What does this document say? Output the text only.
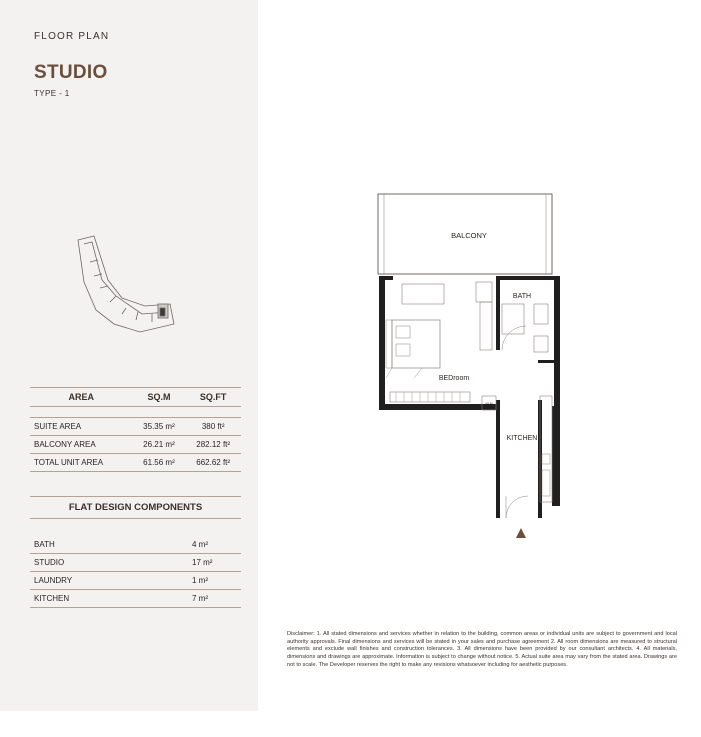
FLOOR PLAN
STUDIO
TYPE - 1
AREA	SQ.M	SQ.FT

SUITE AREA	35.35 m²	380 ft²
BALCONY AREA	26.21 m²	282.12 ft²
TOTAL UNIT AREA	61.56 m²	662.62 ft²
FLAT DESIGN COMPONENTS
BATH	4 m²
STUDIO	17 m²
LAUNDRY	1 m²
KITCHEN	7 m²
BALCONY
BATH
BEDroom
W.M
KITCHEN
Disclaimer: 1. All stated dimensions and services whether in relation to the building, common areas or individual units are subject to government and local authority approvals. Final dimensions and services will be stated in your sales and purchase agreement 2. All room dimensions are measured to structural elements and exclude wall finishes and construction tolerances. 3. All dimensions have been provided by our consultant architects. 4. All materials, dimensions and drawings are approximate. Information is subject to change without notice. 5. Actual suite area may vary from the stated area. Drawings are not to scale. The Developer reserves the right to make any revisions whatsoever including for aesthetic purposes.
